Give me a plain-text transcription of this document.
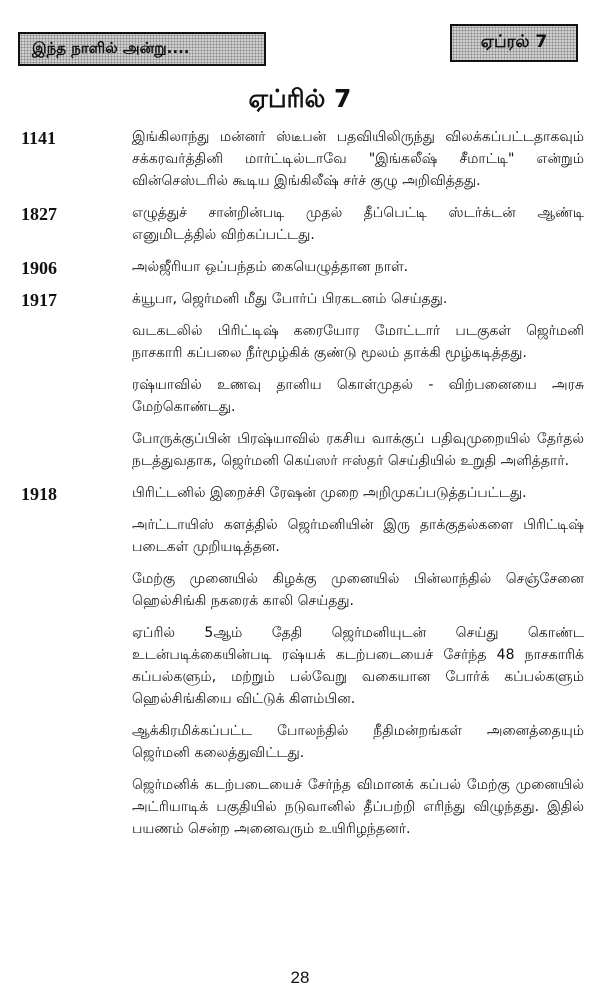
இந்த நாளில் அன்று....	ஏப்ரல் 7
ஏப்ரில் 7
1141	இங்கிலாந்து மன்னர் ஸ்டீபன் பதவியிலிருந்து விலக்கப்பட்டதாகவும் சக்கரவர்த்தினி மார்ட்டில்டாவே "இங்கலீஷ் சீமாட்டி" என்றும் வின்செஸ்டரில் கூடிய இங்கிலீஷ் சர்ச் குழு அறிவித்தது.
1827	எழுத்துச் சான்றின்படி முதல் தீப்பெட்டி ஸ்டர்க்டன் ஆண்டி எனுமிடத்தில் விற்கப்பட்டது.
1906	அல்ஜீரியா ஒப்பந்தம் கையெழுத்தான நாள்.
1917	க்யூபா, ஜெர்மனி மீது போர்ப் பிரகடனம் செய்தது.
வடகடலில் பிரிட்டிஷ் கரையோர மோட்டார் படகுகள் ஜெர்மனி நாசகாரி கப்பலை நீர்மூழ்கிக் குண்டு மூலம் தாக்கி மூழ்கடித்தது.
ரஷ்யாவில் உணவு தானிய கொள்முதல் - விற்பனையை அரசு மேற்கொண்டது.
போருக்குப்பின் பிரஷ்யாவில் ரகசிய வாக்குப் பதிவுமுறையில் தேர்தல் நடத்துவதாக, ஜெர்மனி கெய்ஸர் ஈஸ்தர் செய்தியில் உறுதி அளித்தார்.
1918	பிரிட்டனில் இறைச்சி ரேஷன் முறை அறிமுகப்படுத்தப்பட்டது.
அர்ட்டாயிஸ் களத்தில் ஜெர்மனியின் இரு தாக்குதல்களை பிரிட்டிஷ் படைகள் முறியடித்தன.
மேற்கு முனையில் கிழக்கு முனையில் பின்லாந்தில் செஞ்சேனை ஹெல்சிங்கி நகரைக் காலி செய்தது.
ஏப்ரில் 5ஆம் தேதி ஜெர்மனியுடன் செய்து கொண்ட உடன்படிக்கையின்படி ரஷ்யக் கடற்படையைச் சேர்ந்த 48 நாசகாரிக் கப்பல்களும், மற்றும் பல்வேறு வகையான போர்க் கப்பல்களும் ஹெல்சிங்கியை விட்டுக் கிளம்பின.
ஆக்கிரமிக்கப்பட்ட போலந்தில் நீதிமன்றங்கள் அனைத்தையும் ஜெர்மனி கலைத்துவிட்டது.
ஜெர்மனிக் கடற்படையைச் சேர்ந்த விமானக் கப்பல் மேற்கு முனையில் அட்ரியாடிக் பகுதியில் நடுவானில் தீப்பற்றி எரிந்து விழுந்தது. இதில் பயணம் சென்ற அனைவரும் உயிரிழந்தனர்.
28
